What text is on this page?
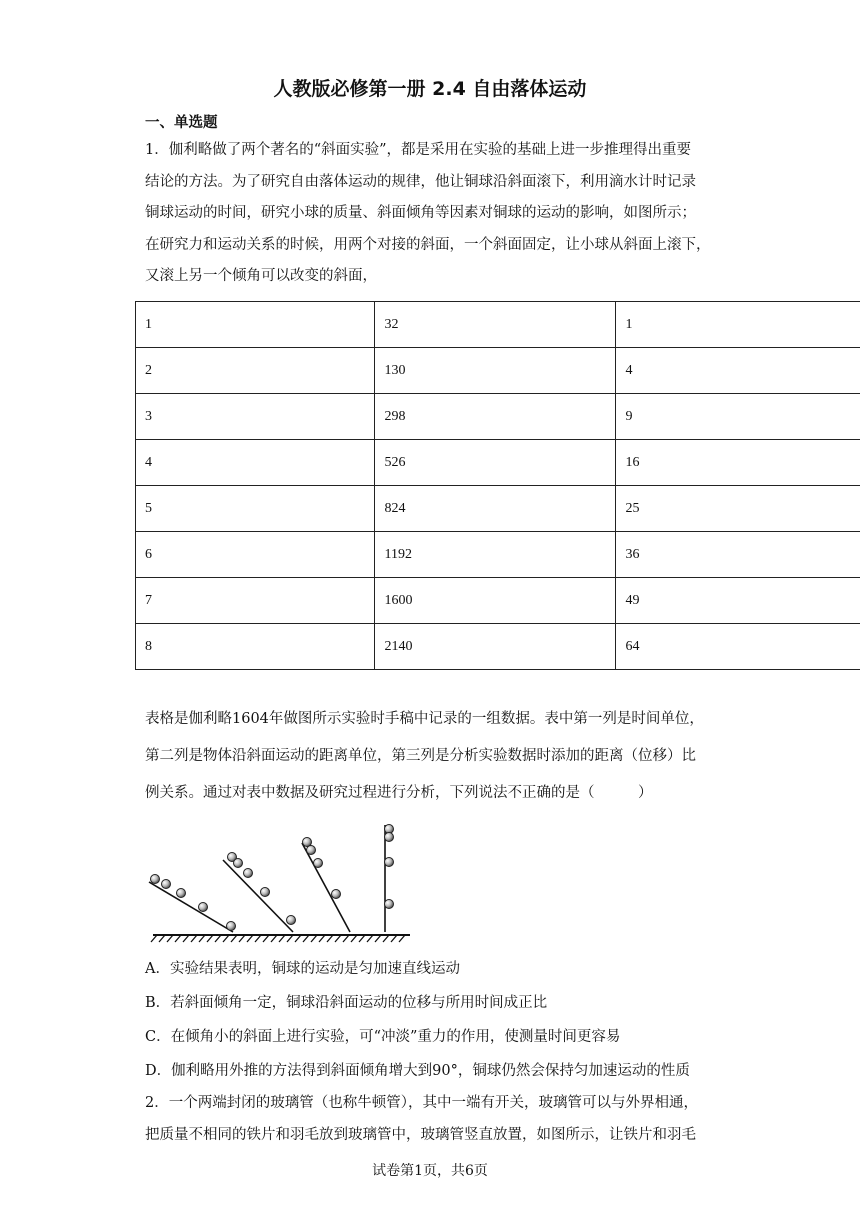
人教版必修第一册 2.4 自由落体运动
一、单选题

1．伽利略做了两个著名的“斜面实验”，都是采用在实验的基础上进一步推理得出重要

结论的方法。为了研究自由落体运动的规律，他让铜球沿斜面滚下，利用滴水计时记录

铜球运动的时间，研究小球的质量、斜面倾角等因素对铜球的运动的影响，如图所示；

在研究力和运动关系的时候，用两个对接的斜面，一个斜面固定，让小球从斜面上滚下，

又滚上另一个倾角可以改变的斜面，

1	32	1
2	130	4
3	298	9
4	526	16
5	824	25
6	1192	36
7	1600	49
8	2140	64

表格是伽利略1604年做图所示实验时手稿中记录的一组数据。表中第一列是时间单位，

第二列是物体沿斜面运动的距离单位，第三列是分析实验数据时添加的距离（位移）比

例关系。通过对表中数据及研究过程进行分析，下列说法不正确的是（　　　）

A．实验结果表明，铜球的运动是匀加速直线运动
B．若斜面倾角一定，铜球沿斜面运动的位移与所用时间成正比
C．在倾角小的斜面上进行实验，可“冲淡”重力的作用，使测量时间更容易
D．伽利略用外推的方法得到斜面倾角增大到90°，铜球仍然会保持匀加速运动的性质

2．一个两端封闭的玻璃管（也称牛顿管），其中一端有开关，玻璃管可以与外界相通，

把质量不相同的铁片和羽毛放到玻璃管中，玻璃管竖直放置，如图所示，让铁片和羽毛

试卷第1页，共6页
